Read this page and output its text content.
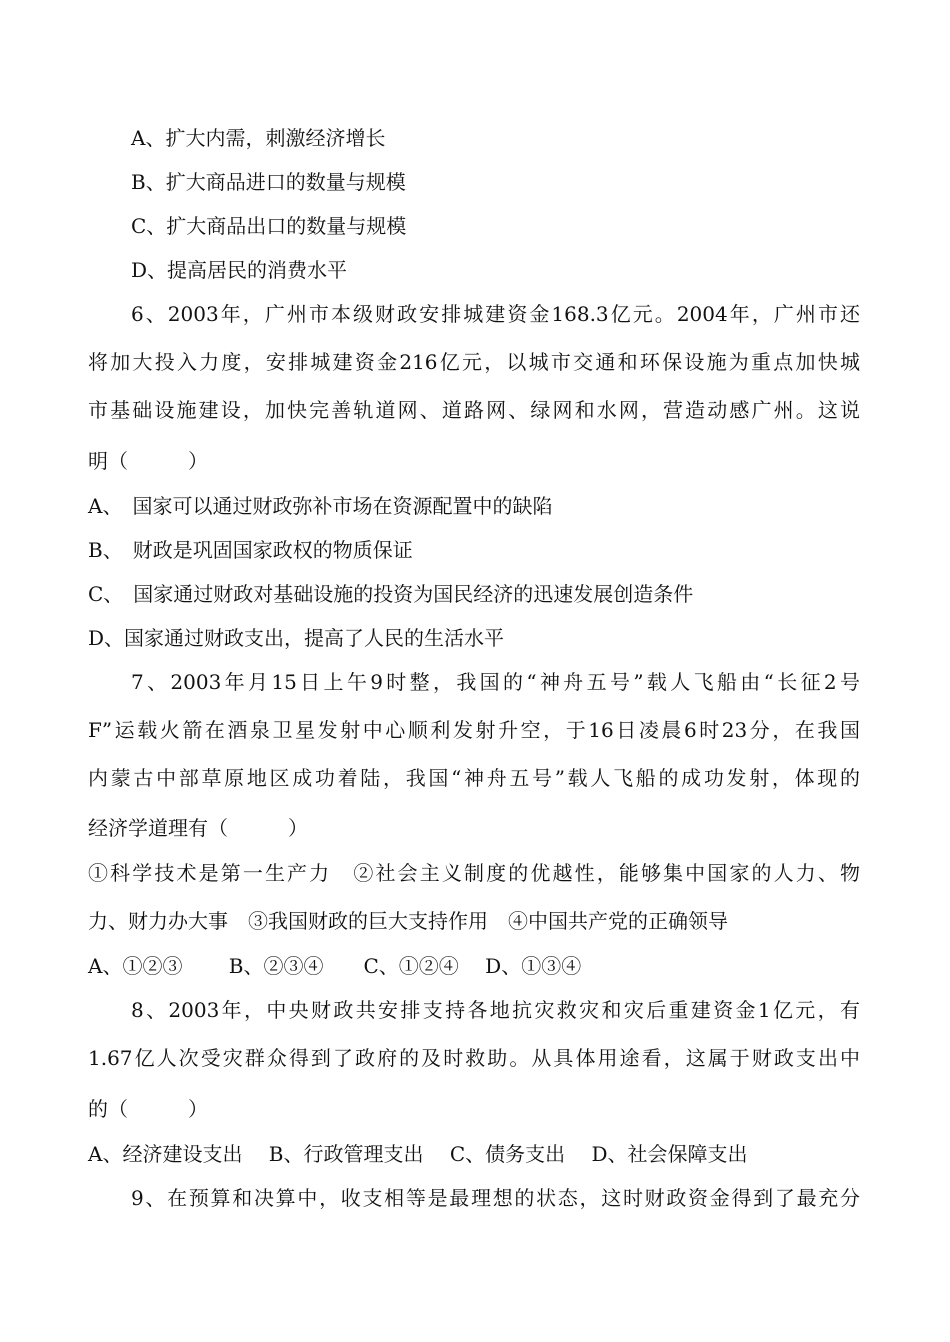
A、扩大内需，刺激经济增长
B、扩大商品进口的数量与规模
C、扩大商品出口的数量与规模
D、提高居民的消费水平
6、2003年，广州市本级财政安排城建资金168.3亿元。2004年，广州市还
将加大投入力度，安排城建资金216亿元，以城市交通和环保设施为重点加快城
市基础设施建设，加快完善轨道网、道路网、绿网和水网，营造动感广州。这说
明（　　　）
A、　国家可以通过财政弥补市场在资源配置中的缺陷
B、　财政是巩固国家政权的物质保证
C、　国家通过财政对基础设施的投资为国民经济的迅速发展创造条件
D、国家通过财政支出，提高了人民的生活水平
7、2003年月15日上午9时整，我国的“神舟五号”载人飞船由“长征2号
F”运载火箭在酒泉卫星发射中心顺利发射升空，于16日凌晨6时23分，在我国
内蒙古中部草原地区成功着陆，我国“神舟五号”载人飞船的成功发射，体现的
经济学道理有（　　　）
①科学技术是第一生产力　②社会主义制度的优越性，能够集中国家的人力、物
力、财力办大事　③我国财政的巨大支持作用　④中国共产党的正确领导
A、①②③　　 B、②③④　　C、①②④　 D、①③④
8、2003年，中央财政共安排支持各地抗灾救灾和灾后重建资金1亿元，有
1.67亿人次受灾群众得到了政府的及时救助。从具体用途看，这属于财政支出中
的（　　　）
A、经济建设支出　 B、行政管理支出　 C、债务支出　 D、社会保障支出
9、在预算和决算中，收支相等是最理想的状态，这时财政资金得到了最充分
